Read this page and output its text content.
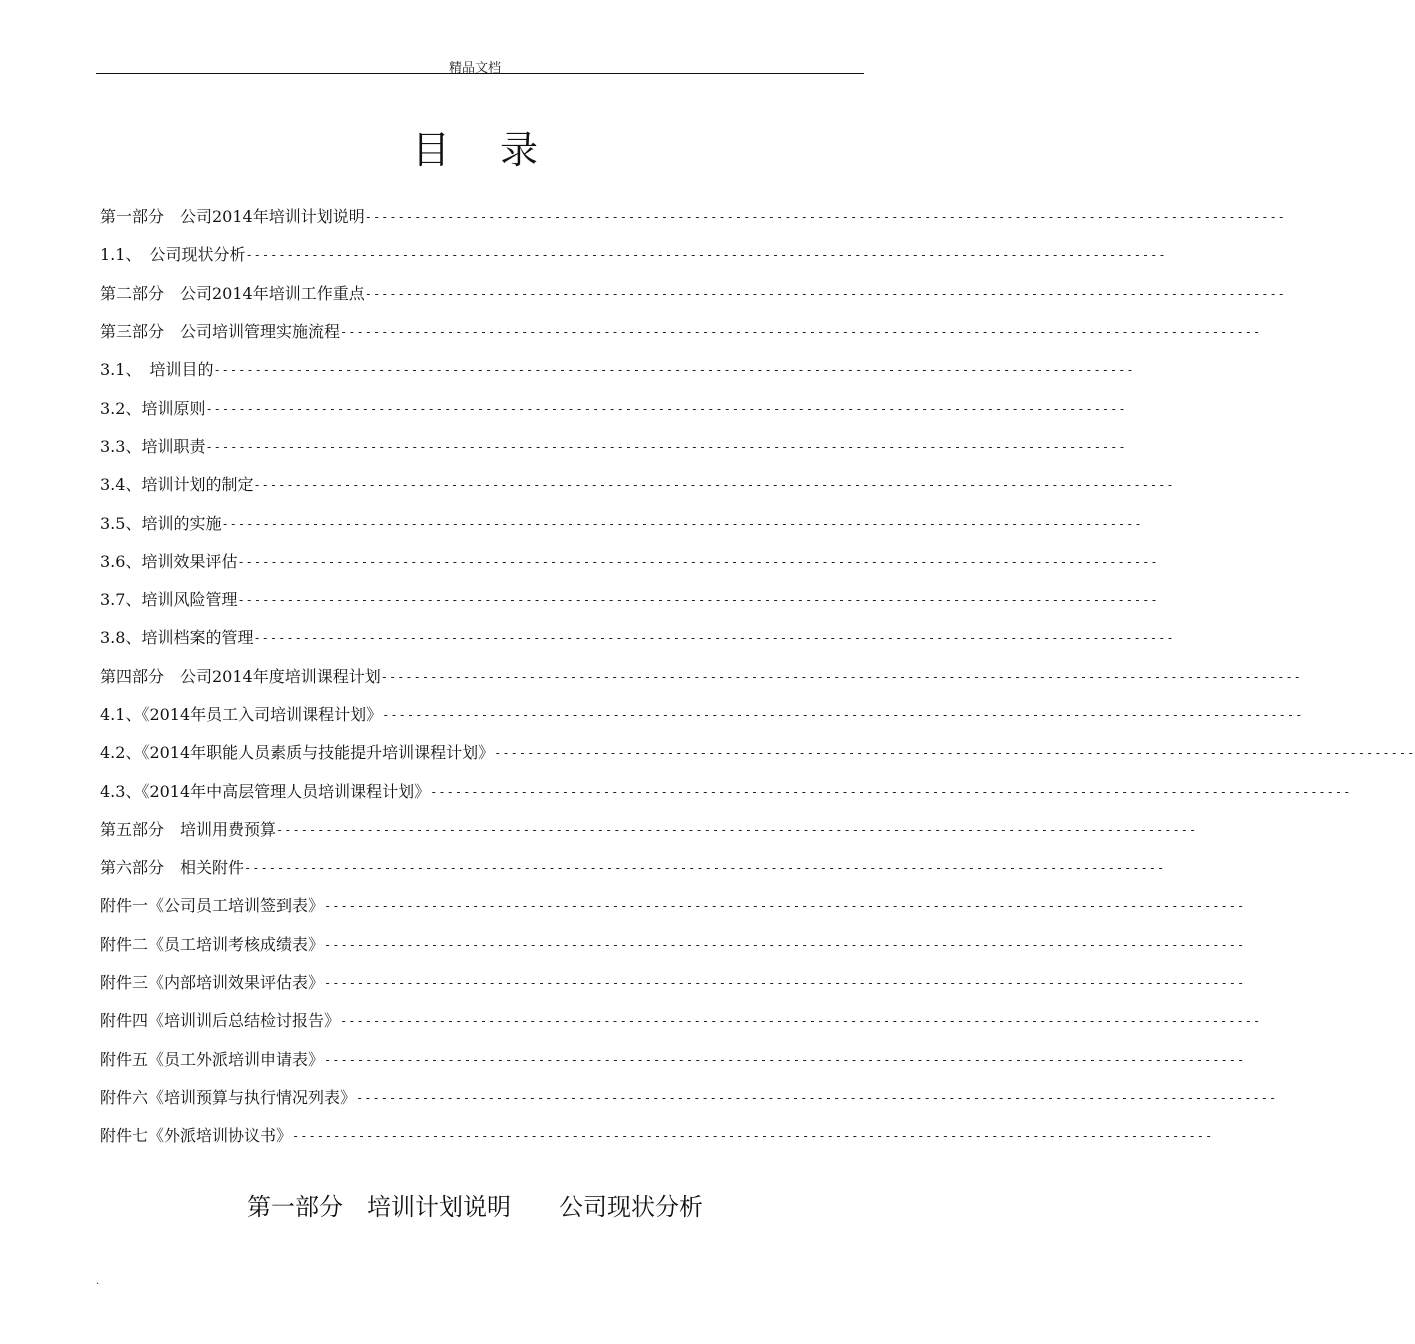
精品文档
目录
第一部分　公司2014年培训计划说明 ----------------------------------------------------------------------------------------------------------------
1.1、　公司现状分析 ----------------------------------------------------------------------------------------------------------------
第二部分　公司2014年培训工作重点 ----------------------------------------------------------------------------------------------------------------
第三部分　公司培训管理实施流程 ----------------------------------------------------------------------------------------------------------------
3.1、　培训目的 ----------------------------------------------------------------------------------------------------------------
3.2、培训原则 ----------------------------------------------------------------------------------------------------------------
3.3、培训职责 ----------------------------------------------------------------------------------------------------------------
3.4、培训计划的制定 ----------------------------------------------------------------------------------------------------------------
3.5、培训的实施 ----------------------------------------------------------------------------------------------------------------
3.6、培训效果评估 ----------------------------------------------------------------------------------------------------------------
3.7、培训风险管理 ----------------------------------------------------------------------------------------------------------------
3.8、培训档案的管理 ----------------------------------------------------------------------------------------------------------------
第四部分　公司2014年度培训课程计划 ----------------------------------------------------------------------------------------------------------------
4.1、《2014年员工入司培训课程计划》 ----------------------------------------------------------------------------------------------------------------
4.2、《2014年职能人员素质与技能提升培训课程计划》 ----------------------------------------------------------------------------------------------------------------
4.3、《2014年中高层管理人员培训课程计划》 ----------------------------------------------------------------------------------------------------------------
第五部分　培训用费预算 ----------------------------------------------------------------------------------------------------------------
第六部分　相关附件 ----------------------------------------------------------------------------------------------------------------
附件一《公司员工培训签到表》 ----------------------------------------------------------------------------------------------------------------
附件二《员工培训考核成绩表》 ----------------------------------------------------------------------------------------------------------------
附件三《内部培训效果评估表》 ----------------------------------------------------------------------------------------------------------------
附件四《培训训后总结检讨报告》 ----------------------------------------------------------------------------------------------------------------
附件五《员工外派培训申请表》 ----------------------------------------------------------------------------------------------------------------
附件六《培训预算与执行情况列表》 ----------------------------------------------------------------------------------------------------------------
附件七《外派培训协议书》 ----------------------------------------------------------------------------------------------------------------
第一部分　培训计划说明　　公司现状分析
.
